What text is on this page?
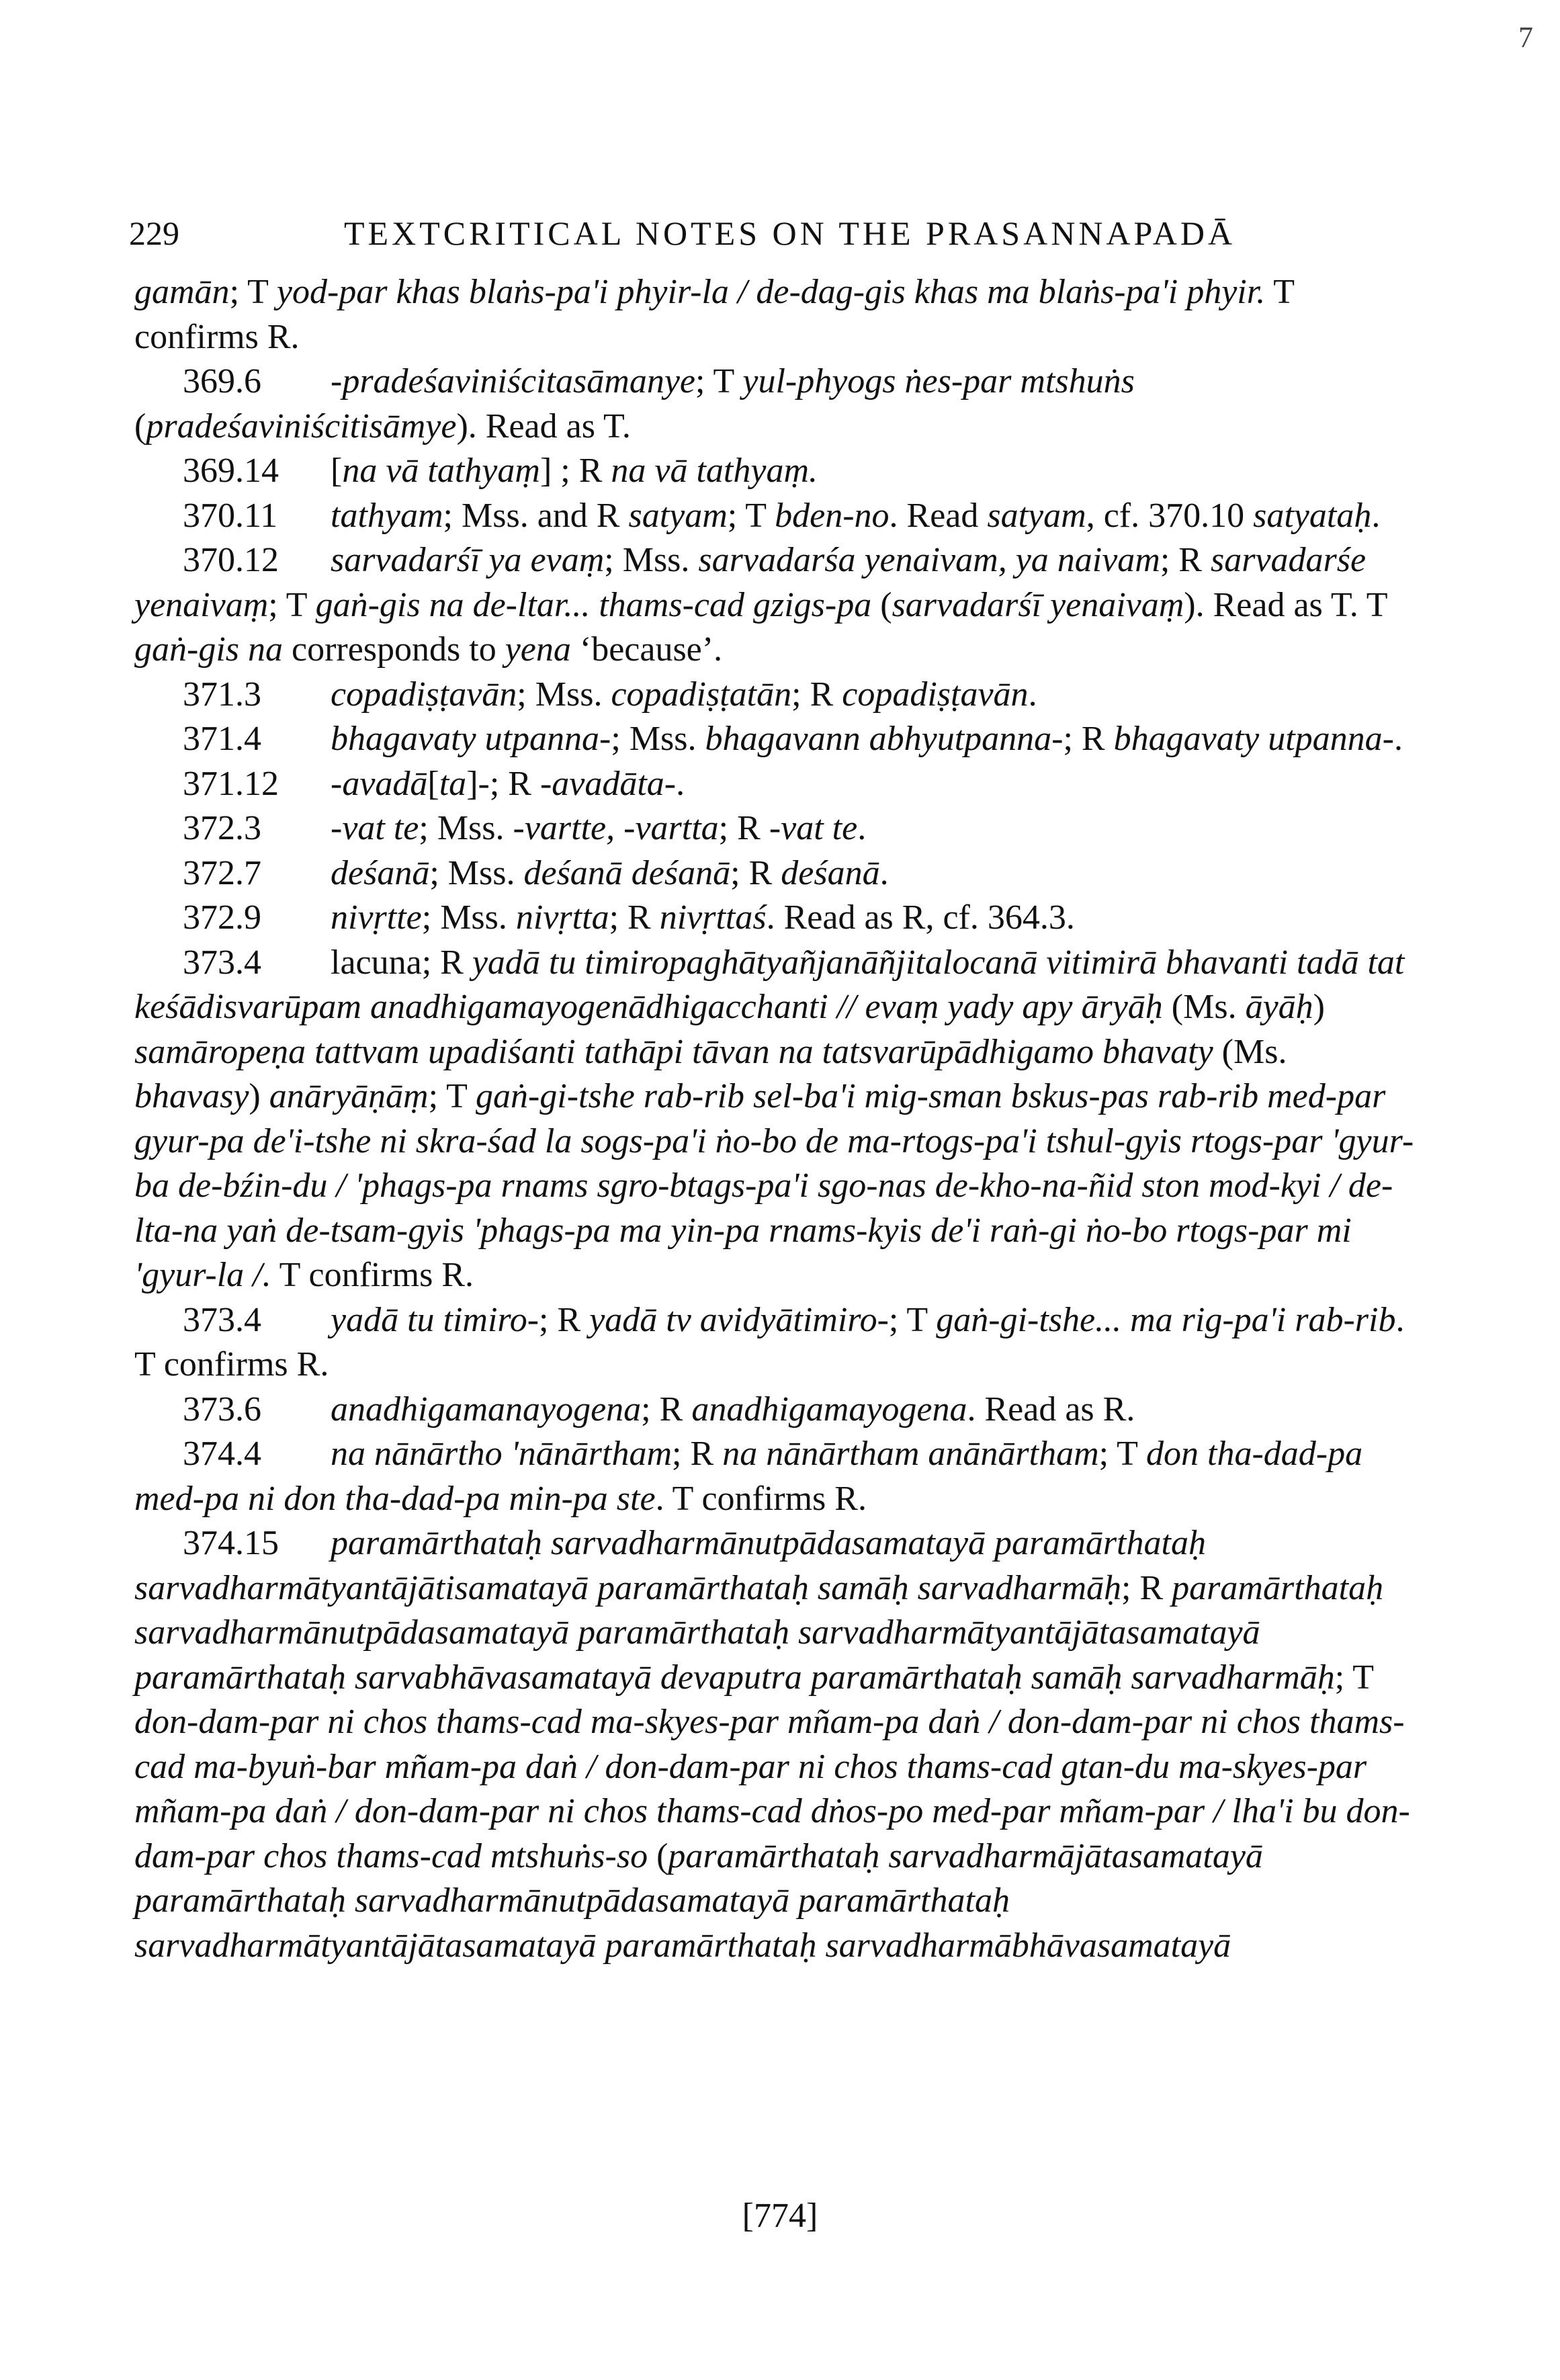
7
229	TEXTCRITICAL NOTES ON THE PRASANNAPADĀ

gamān; T yod-par khas blaṅs-pa'i phyir-la / de-dag-gis khas ma blaṅs-pa'i phyir. T confirms R.

369.6 -pradeśaviniścitasāmanye; T yul-phyogs ṅes-par mtshuṅs (pradeśaviniścitisāmye). Read as T.

369.14 [na vā tathyaṃ] ; R na vā tathyaṃ.

370.11 tathyam; Mss. and R satyam; T bden-no. Read satyam, cf. 370.10 satyataḥ.

370.12 sarvadarśī ya evaṃ; Mss. sarvadarśa yenaivam, ya naivam; R sarvadarśe yenaivaṃ; T gaṅ-gis na de-ltar... thams-cad gzigs-pa (sarvadarśī yenaivaṃ). Read as T. T gaṅ-gis na corresponds to yena ‘because’.

371.3 copadiṣṭavān; Mss. copadiṣṭatān; R copadiṣṭavān.

371.4 bhagavaty utpanna-; Mss. bhagavann abhyutpanna-; R bhagavaty utpanna-.

371.12 -avadā[ta]-; R -avadāta-.

372.3 -vat te; Mss. -vartte, -vartta; R -vat te.

372.7 deśanā; Mss. deśanā deśanā; R deśanā.

372.9 nivṛtte; Mss. nivṛtta; R nivṛttaś. Read as R, cf. 364.3.

373.4 lacuna; R yadā tu timiropaghātyañjanāñjitalocanā vitimirā bhavanti tadā tat keśādisvarūpam anadhigamayogenādhigacchanti // evaṃ yady apy āryāḥ (Ms. āyāḥ) samāropeṇa tattvam upadiśanti tathāpi tāvan na tatsvarūpādhigamo bhavaty (Ms. bhavasy) anāryāṇāṃ; T gaṅ-gi-tshe rab-rib sel-ba'i mig-sman bskus-pas rab-rib med-par gyur-pa de'i-tshe ni skra-śad la sogs-pa'i ṅo-bo de ma-rtogs-pa'i tshul-gyis rtogs-par 'gyur-ba de-bźin-du / 'phags-pa rnams sgro-btags-pa'i sgo-nas de-kho-na-ñid ston mod-kyi / de-lta-na yaṅ de-tsam-gyis 'phags-pa ma yin-pa rnams-kyis de'i raṅ-gi ṅo-bo rtogs-par mi 'gyur-la /. T confirms R.

373.4 yadā tu timiro-; R yadā tv avidyātimiro-; T gaṅ-gi-tshe... ma rig-pa'i rab-rib. T confirms R.

373.6 anadhigamanayogena; R anadhigamayogena. Read as R.

374.4 na nānārtho 'nānārtham; R na nānārtham anānārtham; T don tha-dad-pa med-pa ni don tha-dad-pa min-pa ste. T confirms R.

374.15 paramārthataḥ sarvadharmānutpādasamatayā paramārthataḥ sarvadharmātyantājātisamatayā paramārthataḥ samāḥ sarvadharmāḥ; R paramārthataḥ sarvadharmānutpādasamatayā paramārthataḥ sarvadharmātyantājātasamatayā paramārthataḥ sarvabhāvasamatayā devaputra paramārthataḥ samāḥ sarvadharmāḥ; T don-dam-par ni chos thams-cad ma-skyes-par mñam-pa daṅ / don-dam-par ni chos thams-cad ma-byuṅ-bar mñam-pa daṅ / don-dam-par ni chos thams-cad gtan-du ma-skyes-par mñam-pa daṅ / don-dam-par ni chos thams-cad dṅos-po med-par mñam-par / lha'i bu don-dam-par chos thams-cad mtshuṅs-so (paramārthataḥ sarvadharmājātasamatayā paramārthataḥ sarvadharmānutpādasamatayā paramārthataḥ sarvadharmātyantājātasamatayā paramārthataḥ sarvadharmābhāvasamatayā

[774]
